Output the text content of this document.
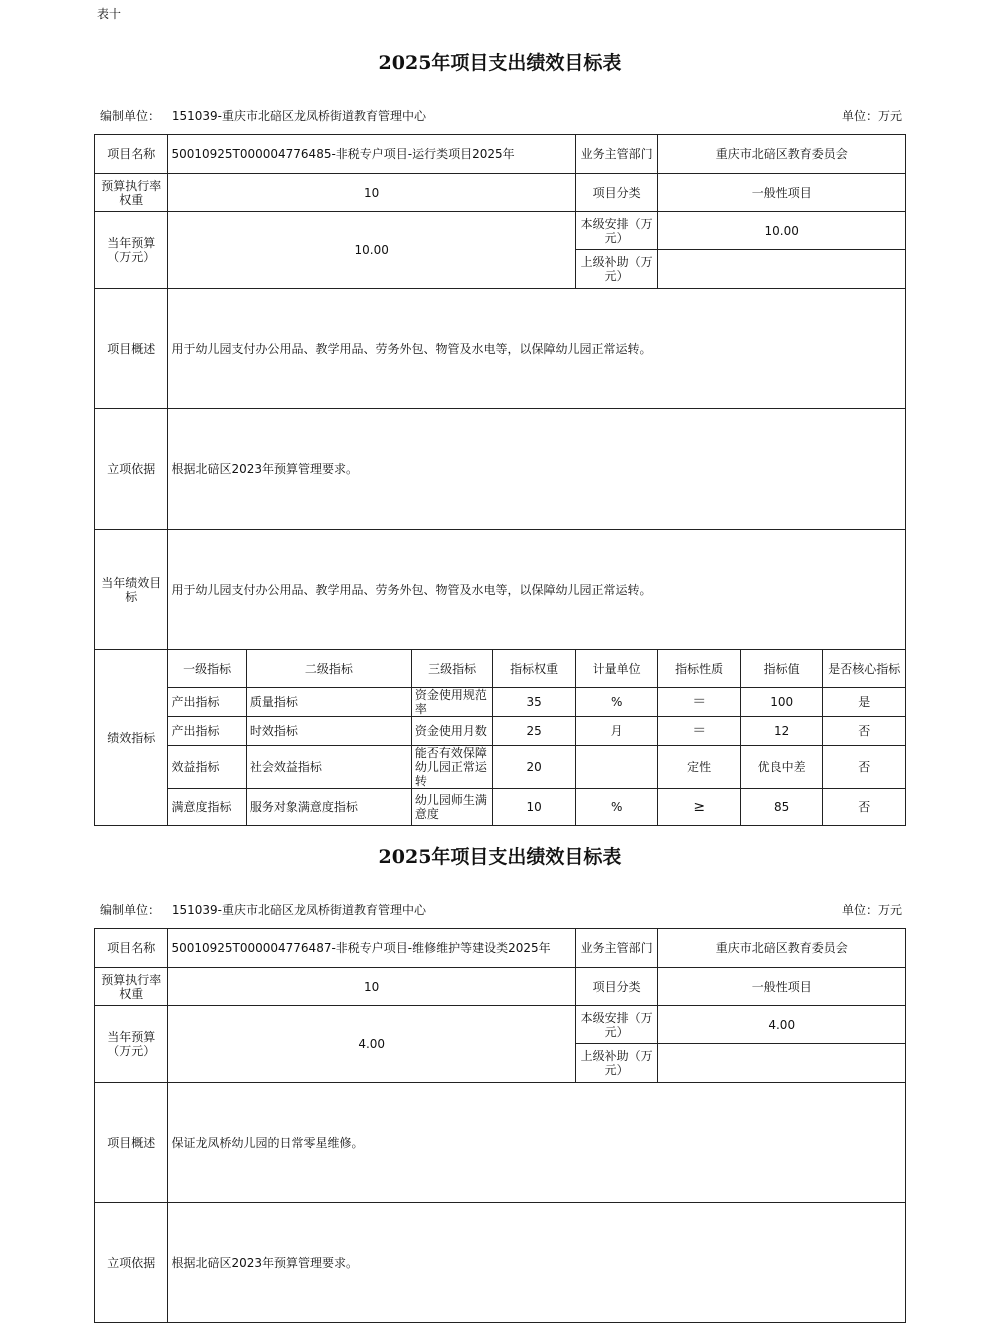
表十
2025年项目支出绩效目标表
编制单位： 151039-重庆市北碚区龙凤桥街道教育管理中心	单位：万元
项目名称	50010925T000004776485-非税专户项目-运行类项目2025年				业务主管部门	重庆市北碚区教育委员会		
预算执行率权重	10				项目分类	一般性项目		
当年预算（万元）	10.00				本级安排（万元）	10.00		
					上级补助（万元）			
项目概述	用于幼儿园支付办公用品、教学用品、劳务外包、物管及水电等，以保障幼儿园正常运转。							
立项依据	根据北碚区2023年预算管理要求。							
当年绩效目标	用于幼儿园支付办公用品、教学用品、劳务外包、物管及水电等，以保障幼儿园正常运转。							
绩效指标	一级指标	二级指标	三级指标	指标权重	计量单位	指标性质	指标值	是否核心指标
	产出指标	质量指标	资金使用规范率	35	%	＝	100	是
	产出指标	时效指标	资金使用月数	25	月	＝	12	否
	效益指标	社会效益指标	能否有效保障幼儿园正常运转	20		定性	优良中差	否
	满意度指标	服务对象满意度指标	幼儿园师生满意度	10	%	≥	85	否
2025年项目支出绩效目标表
编制单位： 151039-重庆市北碚区龙凤桥街道教育管理中心	单位：万元
项目名称	50010925T000004776487-非税专户项目-维修维护等建设类2025年	业务主管部门	重庆市北碚区教育委员会
预算执行率权重	10	项目分类	一般性项目
当年预算（万元）	4.00	本级安排（万元）	4.00
		上级补助（万元）	
项目概述	保证龙凤桥幼儿园的日常零星维修。		
立项依据	根据北碚区2023年预算管理要求。		
